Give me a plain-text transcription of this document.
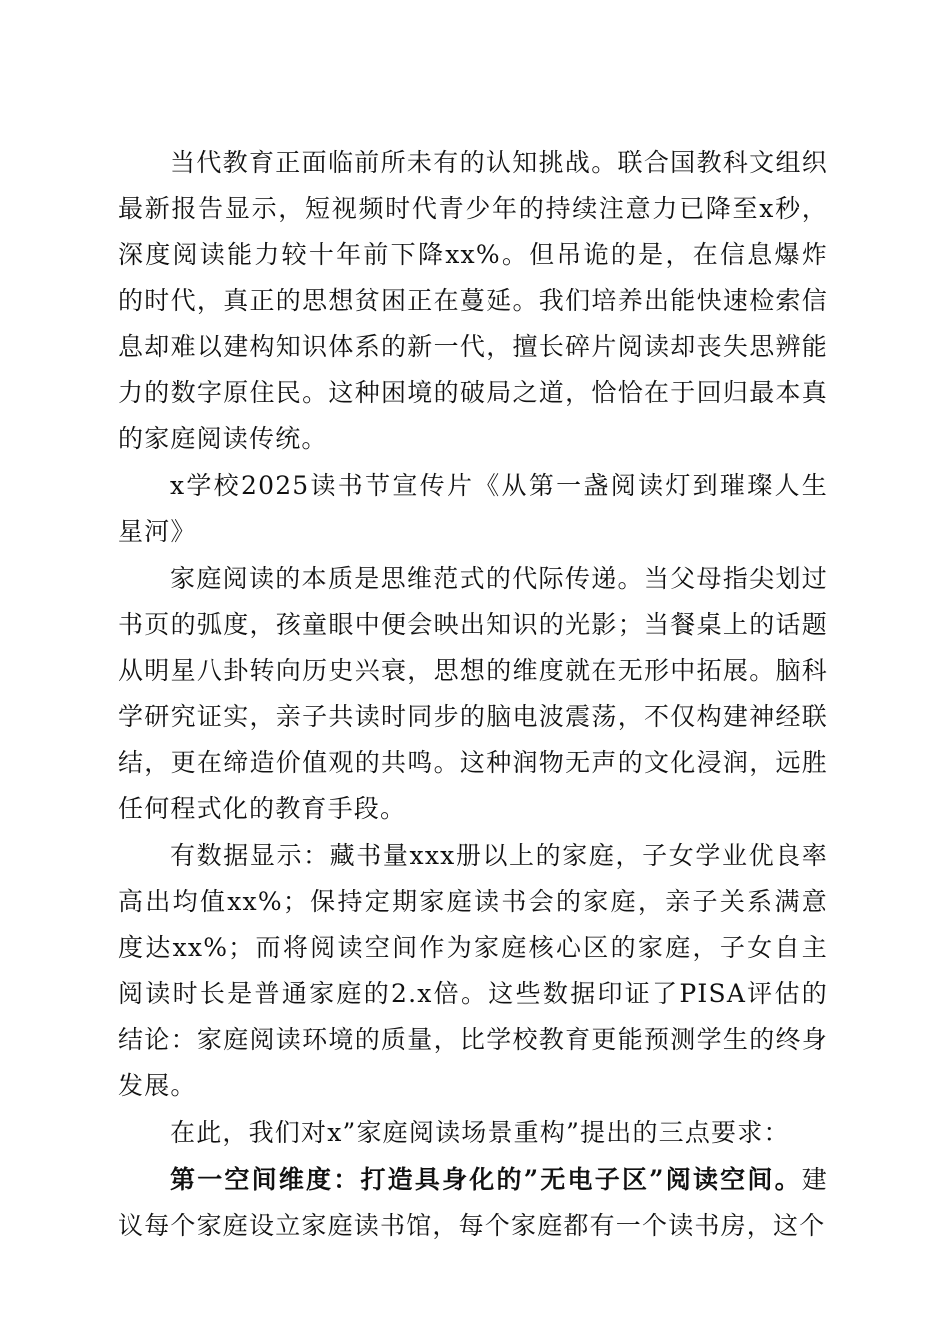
当代教育正面临前所未有的认知挑战。联合国教科文组织最新报告显示，短视频时代青少年的持续注意力已降至x秒，深度阅读能力较十年前下降xx%。但吊诡的是，在信息爆炸的时代，真正的思想贫困正在蔓延。我们培养出能快速检索信息却难以建构知识体系的新一代，擅长碎片阅读却丧失思辨能力的数字原住民。这种困境的破局之道，恰恰在于回归最本真的家庭阅读传统。

x学校2025读书节宣传片《从第一盏阅读灯到璀璨人生星河》

家庭阅读的本质是思维范式的代际传递。当父母指尖划过书页的弧度，孩童眼中便会映出知识的光影；当餐桌上的话题从明星八卦转向历史兴衰，思想的维度就在无形中拓展。脑科学研究证实，亲子共读时同步的脑电波震荡，不仅构建神经联结，更在缔造价值观的共鸣。这种润物无声的文化浸润，远胜任何程式化的教育手段。

有数据显示：藏书量xxx册以上的家庭，子女学业优良率高出均值xx%；保持定期家庭读书会的家庭，亲子关系满意度达xx%；而将阅读空间作为家庭核心区的家庭，子女自主阅读时长是普通家庭的2.x倍。这些数据印证了PISA评估的结论：家庭阅读环境的质量，比学校教育更能预测学生的终身发展。

在此，我们对x”家庭阅读场景重构”提出的三点要求：

第一空间维度：打造具身化的”无电子区”阅读空间。建议每个家庭设立家庭读书馆，每个家庭都有一个读书房，这个
